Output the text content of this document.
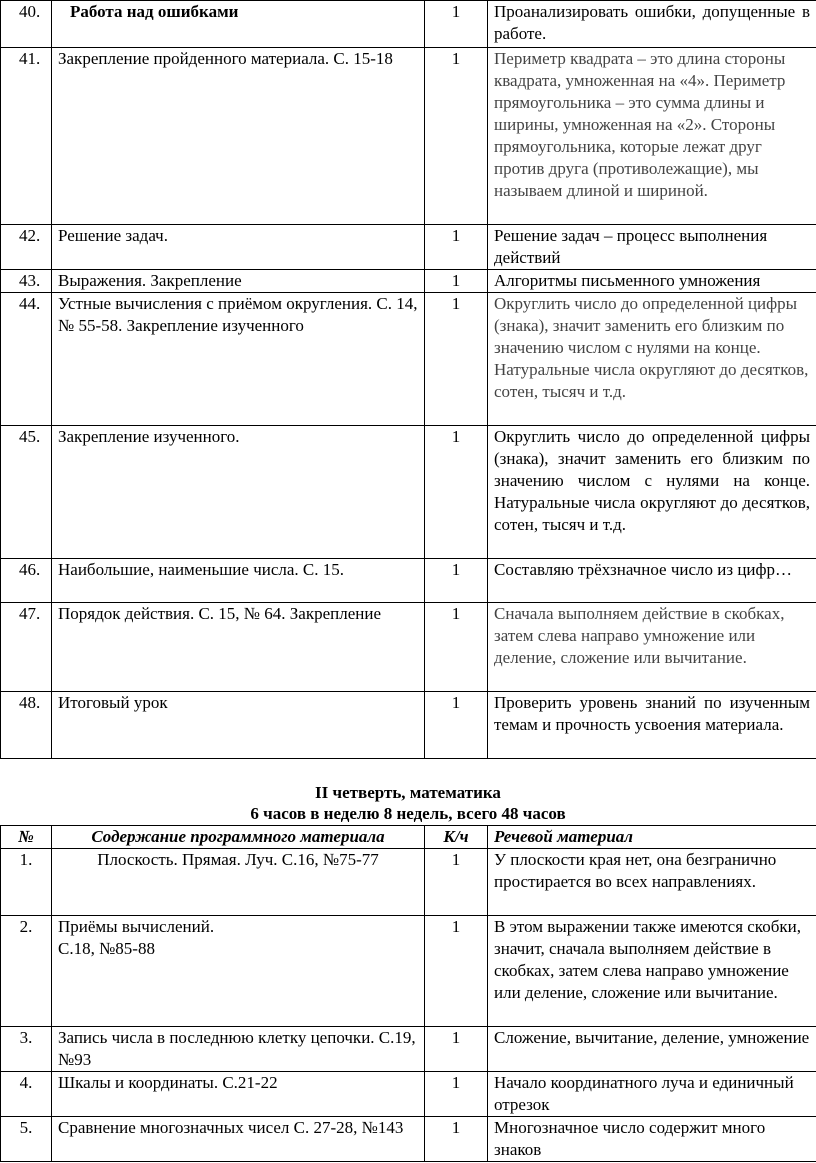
40.	Работа над ошибками	1	Проанализировать ошибки, допущенные в работе.
41.	Закрепление пройденного материала. С. 15-18	1	Периметр квадрата – это длина стороны квадрата, умноженная на «4». Периметр прямоугольника – это сумма длины и ширины, умноженная на «2». Стороны прямоугольника, которые лежат друг против друга (противолежащие), мы называем длиной и шириной.
42.	Решение задач.	1	Решение задач – процесс выполнения действий
43.	Выражения. Закрепление	1	Алгоритмы письменного умножения
44.	Устные вычисления с приёмом округления. С. 14, № 55-58. Закрепление изученного	1	Округлить число до определенной цифры (знака), значит заменить его близким по значению числом с нулями на конце. Натуральные числа округляют до десятков, сотен, тысяч и т.д.
45.	Закрепление изученного.	1	Округлить число до определенной цифры (знака), значит заменить его близким по значению числом с нулями на конце. Натуральные числа округляют до десятков, сотен, тысяч и т.д.
46.	Наибольшие, наименьшие числа. С. 15.	1	Составляю трёхзначное число из цифр…
47.	Порядок действия. С. 15, № 64. Закрепление	1	Сначала выполняем действие в скобках, затем слева направо умножение или деление, сложение или вычитание.
48.	Итоговый урок	1	Проверить уровень знаний по изученным темам и прочность усвоения материала.
II четверть, математика
6 часов в неделю 8 недель, всего 48 часов
№	Содержание программного материала	К/ч	Речевой материал
1.	Плоскость. Прямая. Луч. С.16, №75-77	1	У плоскости края нет, она безгранично простирается во всех направлениях.
2.	Приёмы вычислений. С.18, №85-88	1	В этом выражении также имеются скобки, значит, сначала выполняем действие в скобках, затем слева направо умножение или деление, сложение или вычитание.
3.	Запись числа в последнюю клетку цепочки. С.19, №93	1	Сложение, вычитание, деление, умножение
4.	Шкалы и координаты. С.21-22	1	Начало координатного луча и единичный отрезок
5.	Сравнение многозначных чисел С. 27-28, №143	1	Многозначное число содержит много знаков
